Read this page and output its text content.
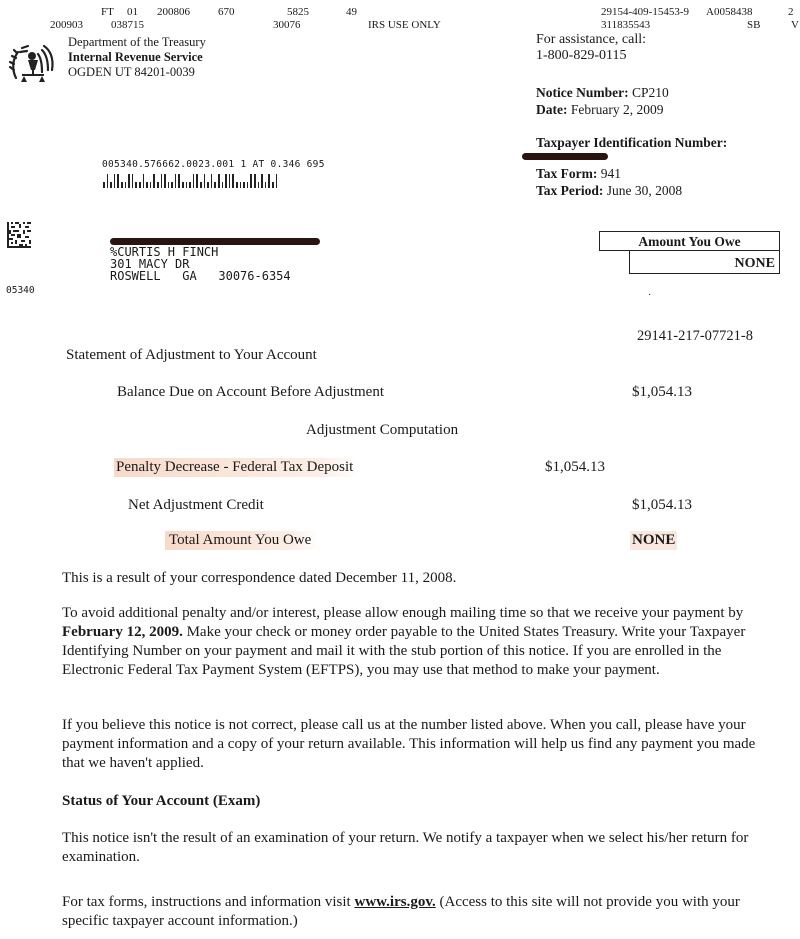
FT 01 200806	670	5825	49
200903	038715	30076	IRS USE ONLY
29154-409-15453-9 A0058438	2
311835543	SB	V
Department of the Treasury
Internal Revenue Service
OGDEN UT 84201-0039
For assistance, call:
1-800-829-0115
Notice Number: CP210
Date: February 2, 2009
Taxpayer Identification Number:
Tax Form: 941
Tax Period: June 30, 2008
005340.576662.0023.001 1 AT 0.346 695
05340
%CURTIS H FINCH
301 MACY DR
ROSWELL   GA   30076-6354
Amount You Owe
NONE
·
29141-217-07721-8
Statement of Adjustment to Your Account
Balance Due on Account Before Adjustment	$1,054.13
Adjustment Computation
Penalty Decrease - Federal Tax Deposit	$1,054.13
Net Adjustment Credit	$1,054.13
Total Amount You Owe	NONE
This is a result of your correspondence dated December 11, 2008.
To avoid additional penalty and/or interest, please allow enough mailing time so that we receive your payment by February 12, 2009. Make your check or money order payable to the United States Treasury. Write your Taxpayer Identifying Number on your payment and mail it with the stub portion of this notice. If you are enrolled in the Electronic Federal Tax Payment System (EFTPS), you may use that method to make your payment.
If you believe this notice is not correct, please call us at the number listed above. When you call, please have your payment information and a copy of your return available. This information will help us find any payment you made that we haven't applied.
Status of Your Account (Exam)
This notice isn't the result of an examination of your return. We notify a taxpayer when we select his/her return for examination.
For tax forms, instructions and information visit www.irs.gov. (Access to this site will not provide you with your specific taxpayer account information.)
